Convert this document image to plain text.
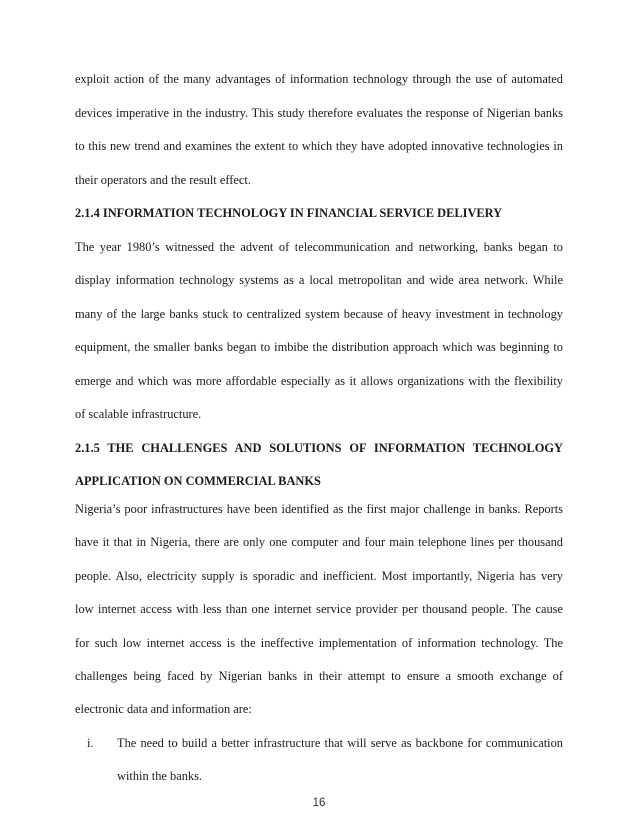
exploit action of the many advantages of information technology through the use of automated
devices imperative in the industry. This study therefore evaluates the response of Nigerian banks
to this new trend and examines the extent to which they have adopted innovative technologies in
their operators and the result effect.
2.1.4 INFORMATION TECHNOLOGY IN FINANCIAL SERVICE DELIVERY
The year 1980’s witnessed the advent of telecommunication and networking, banks began to
display information technology systems as a local metropolitan and wide area network. While
many of the large banks stuck to centralized system because of heavy investment in technology
equipment, the smaller banks began to imbibe the distribution approach which was beginning to
emerge and which was more affordable especially as it allows organizations with the flexibility
of scalable infrastructure.
2.1.5 THE CHALLENGES AND SOLUTIONS OF INFORMATION TECHNOLOGY
APPLICATION ON COMMERCIAL BANKS
Nigeria’s poor infrastructures have been identified as the first major challenge in banks. Reports
have it that in Nigeria, there are only one computer and four main telephone lines per thousand
people. Also, electricity supply is sporadic and inefficient. Most importantly, Nigeria has very
low internet access with less than one internet service provider per thousand people. The cause
for such low internet access is the ineffective implementation of information technology. The
challenges being faced by Nigerian banks in their attempt to ensure a smooth exchange of
electronic data and information are:
i. The need to build a better infrastructure that will serve as backbone for communication
within the banks.
16
